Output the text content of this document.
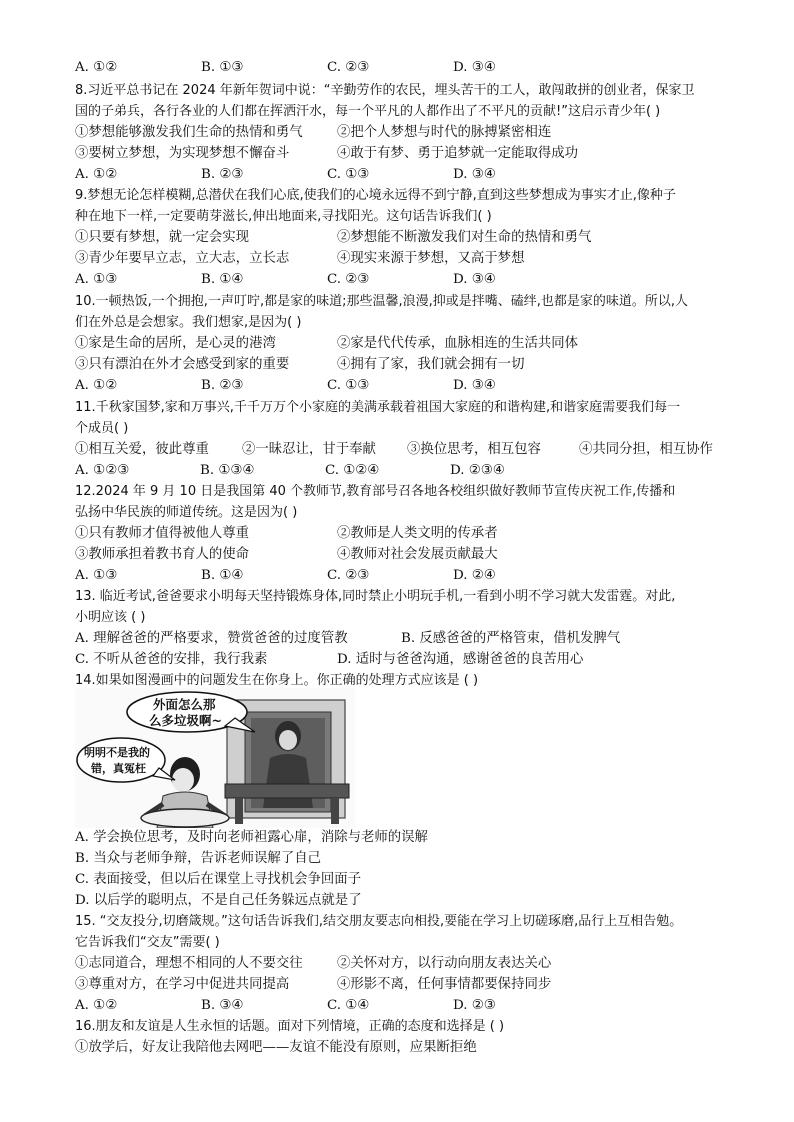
A. ①②	B. ①③	C. ②③	D. ③④
8.习近平总书记在 2024 年新年贺词中说：“辛勤劳作的农民，埋头苦干的工人，敢闯敢拼的创业者，保家卫
国的子弟兵，各行各业的人们都在挥洒汗水，每一个平凡的人都作出了不平凡的贡献!”这启示青少年( )
①梦想能够激发我们生命的热情和勇气	②把个人梦想与时代的脉搏紧密相连
③要树立梦想，为实现梦想不懈奋斗	④敢于有梦、勇于追梦就一定能取得成功
A. ①②	B. ②③	C. ①③	D. ③④
9.梦想无论怎样模糊,总潜伏在我们心底,使我们的心境永远得不到宁静,直到这些梦想成为事实才止,像种子
种在地下一样,一定要萌芽滋长,伸出地面来,寻找阳光。这句话告诉我们( )
①只要有梦想，就一定会实现	②梦想能不断激发我们对生命的热情和勇气
③青少年要早立志，立大志，立长志	④现实来源于梦想，又高于梦想
A. ①③	B. ①④	C. ②③	D. ③④
10.一顿热饭,一个拥抱,一声叮咛,都是家的味道;那些温馨,浪漫,抑或是拌嘴、磕绊,也都是家的味道。所以,人
们在外总是会想家。我们想家,是因为( )
①家是生命的居所，是心灵的港湾	②家是代代传承，血脉相连的生活共同体
③只有漂泊在外才会感受到家的重要	④拥有了家，我们就会拥有一切
A. ①②	B. ②③	C. ①③	D. ③④
11.千秋家国梦,家和万事兴,千千万万个小家庭的美满承载着祖国大家庭的和谐构建,和谐家庭需要我们每一
个成员( )
①相互关爱，彼此尊重	②一昧忍让，甘于奉献	③换位思考，相互包容	④共同分担，相互协作
A. ①②③	B. ①③④	C. ①②④	D. ②③④
12.2024 年 9 月 10 日是我国第 40 个教师节,教育部号召各地各校组织做好教师节宣传庆祝工作,传播和
弘扬中华民族的师道传统。这是因为( )
①只有教师才值得被他人尊重	②教师是人类文明的传承者
③教师承担着教书育人的使命	④教师对社会发展贡献最大
A. ①③	B. ①④	C. ②③	D. ②④
13. 临近考试,爸爸要求小明每天坚持锻炼身体,同时禁止小明玩手机,一看到小明不学习就大发雷霆。对此,
小明应该 ( )
A. 理解爸爸的严格要求，赞赏爸爸的过度管教	B. 反感爸爸的严格管束，借机发脾气
C. 不听从爸爸的安排，我行我素	D. 适时与爸爸沟通，感谢爸爸的良苦用心
14.如果如图漫画中的问题发生在你身上。你正确的处理方式应该是 ( )
外面怎么那
么多垃圾啊~
明明不是我的
错，真冤枉
A. 学会换位思考，及时向老师袒露心扉，消除与老师的误解
B. 当众与老师争辩，告诉老师误解了自己
C. 表面接受，但以后在课堂上寻找机会争回面子
D. 以后学的聪明点，不是自己任务躲远点就是了
15. “交友投分,切磨箴规。”这句话告诉我们,结交朋友要志向相投,要能在学习上切磋琢磨,品行上互相告勉。
它告诉我们“交友”需要( )
①志同道合，理想不相同的人不要交往	②关怀对方，以行动向朋友表达关心
③尊重对方，在学习中促进共同提高	④形影不离，任何事情都要保持同步
A. ①②	B. ③④	C. ①④	D. ②③
16.朋友和友谊是人生永恒的话题。面对下列情境，正确的态度和选择是 ( )
①放学后，好友让我陪他去网吧——友谊不能没有原则，应果断拒绝
